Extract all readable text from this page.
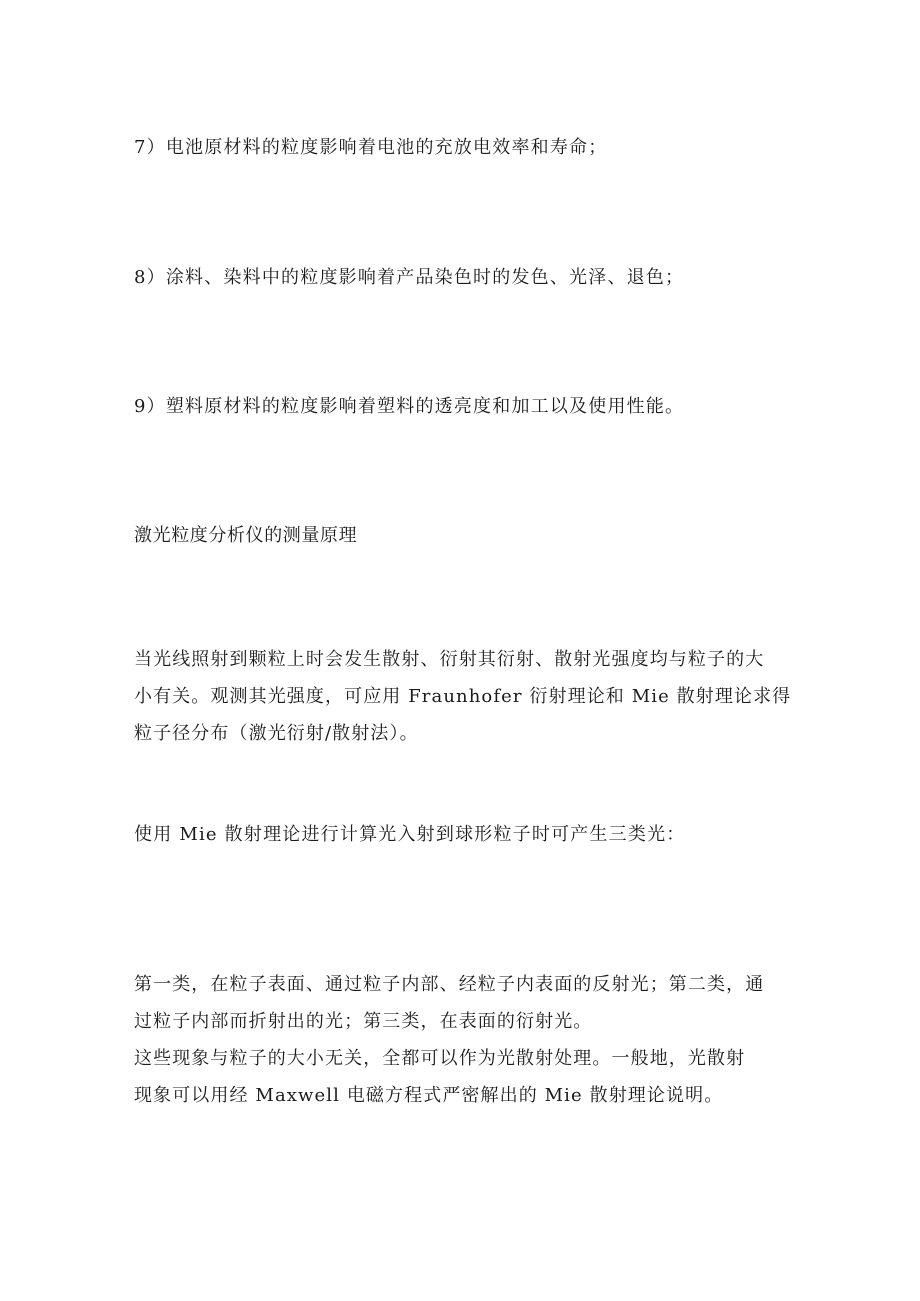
7）电池原材料的粒度影响着电池的充放电效率和寿命；
8）涂料、染料中的粒度影响着产品染色时的发色、光泽、退色；
9）塑料原材料的粒度影响着塑料的透亮度和加工以及使用性能。
激光粒度分析仪的测量原理
当光线照射到颗粒上时会发生散射、衍射其衍射、散射光强度均与粒子的大
小有关。观测其光强度，可应用 Fraunhofer 衍射理论和 Mie 散射理论求得
粒子径分布（激光衍射/散射法）。
使用 Mie 散射理论进行计算光入射到球形粒子时可产生三类光：
第一类，在粒子表面、通过粒子内部、经粒子内表面的反射光；第二类，通
过粒子内部而折射出的光；第三类，在表面的衍射光。
这些现象与粒子的大小无关，全都可以作为光散射处理。一般地，光散射
现象可以用经 Maxwell 电磁方程式严密解出的 Mie 散射理论说明。
